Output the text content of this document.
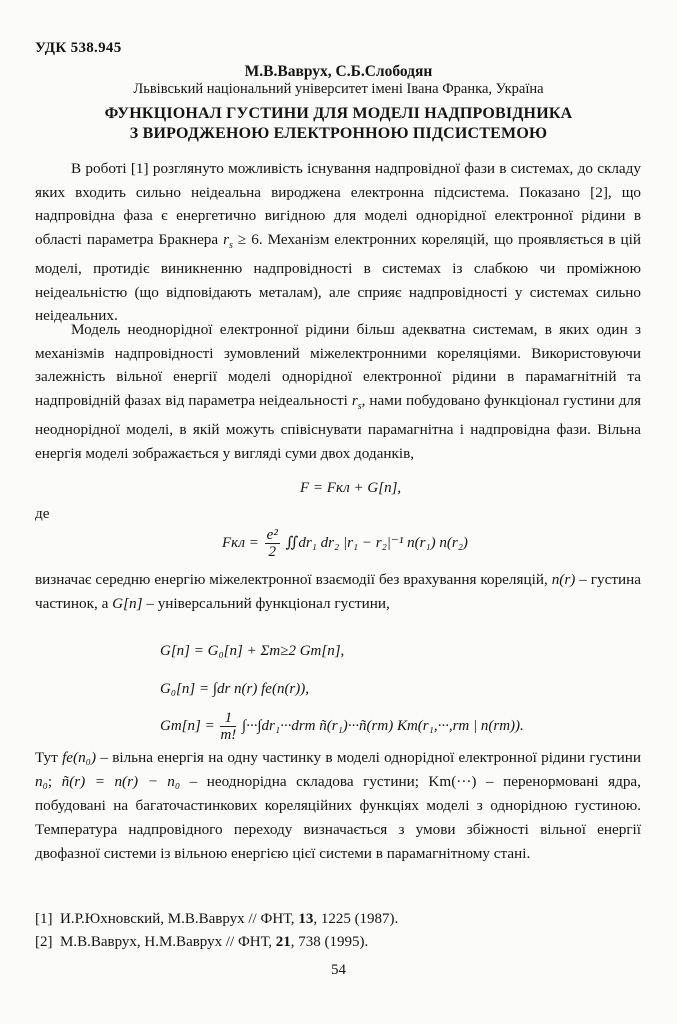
УДК 538.945
М.В.Ваврух, С.Б.Слободян
Львівський національний університет імені Івана Франка, Україна
ФУНКЦІОНАЛ ГУСТИНИ ДЛЯ МОДЕЛІ НАДПРОВІДНИКА
З ВИРОДЖЕНОЮ ЕЛЕКТРОННОЮ ПІДСИСТЕМОЮ

В роботі [1] розглянуто можливість існування надпровідної фази в системах, до складу яких входить сильно неідеальна вироджена електронна підсистема. Показано [2], що надпровідна фаза є енергетично вигідною для моделі однорідної електронної рідини в області параметра Бракнера $r_s \ge 6$. Механізм електронних кореляцій, що проявляється в цій моделі, протидіє виникненню надпровідності в системах із слабкою чи проміжною неідеальністю (що відповідають металам), але сприяє надпровідності у системах сильно неідеальних.

Модель неоднорідної електронної рідини більш адекватна системам, в яких один з механізмів надпровідності зумовлений міжелектронними кореляціями. Використовуючи залежність вільної енергії моделі однорідної електронної рідини в парамагнітній та надпровідній фазах від параметра неідеальності $r_s$, нами побудовано функціонал густини для неоднорідної моделі, в якій можуть співіснувати парамагнітна і надпровідна фази. Вільна енергія моделі зображається у вигляді суми двох доданків,

F = Fкл + G[n],
де
Fкл = $\frac{\text{e²}}{2}$ ∬dr₁ dr₂ |r₁ − r₂|⁻¹ n(r₁) n(r₂)

визначає середню енергію міжелектронної взаємодії без врахування кореляцій, n(r) – густина частинок, а G[n] – універсальний функціонал густини,

G[n] = G₀[n] + Σm≥2 Gm[n],
G₀[n] = ∫dr n(r) fe(n(r)),
$Gm[n] = \frac{1}{m!} \int\cdot\cdot\cdot\int dr_1\cdot\cdot\cdot drm$ ñ(r₁)···ñ(rm) Km(r₁,···,rm | n(rm)).

Тут fe(n₀) – вільна енергія на одну частинку в моделі однорідної електронної рідини густини n₀; ñ(r) = n(r) − n₀ – неоднорідна складова густини; Km(···) – перенормовані ядра, побудовані на багаточастинкових кореляційних функціях моделі з однорідною густиною. Температура надпровідного переходу визначається з умови збіжності вільної енергії двофазної системи із вільною енергією цієї системи в парамагнітному стані.

[1] И.Р.Юхновский, М.В.Ваврух // ФНТ, 13, 1225 (1987).
[2] М.В.Ваврух, Н.М.Ваврух // ФНТ, 21, 738 (1995).
54
